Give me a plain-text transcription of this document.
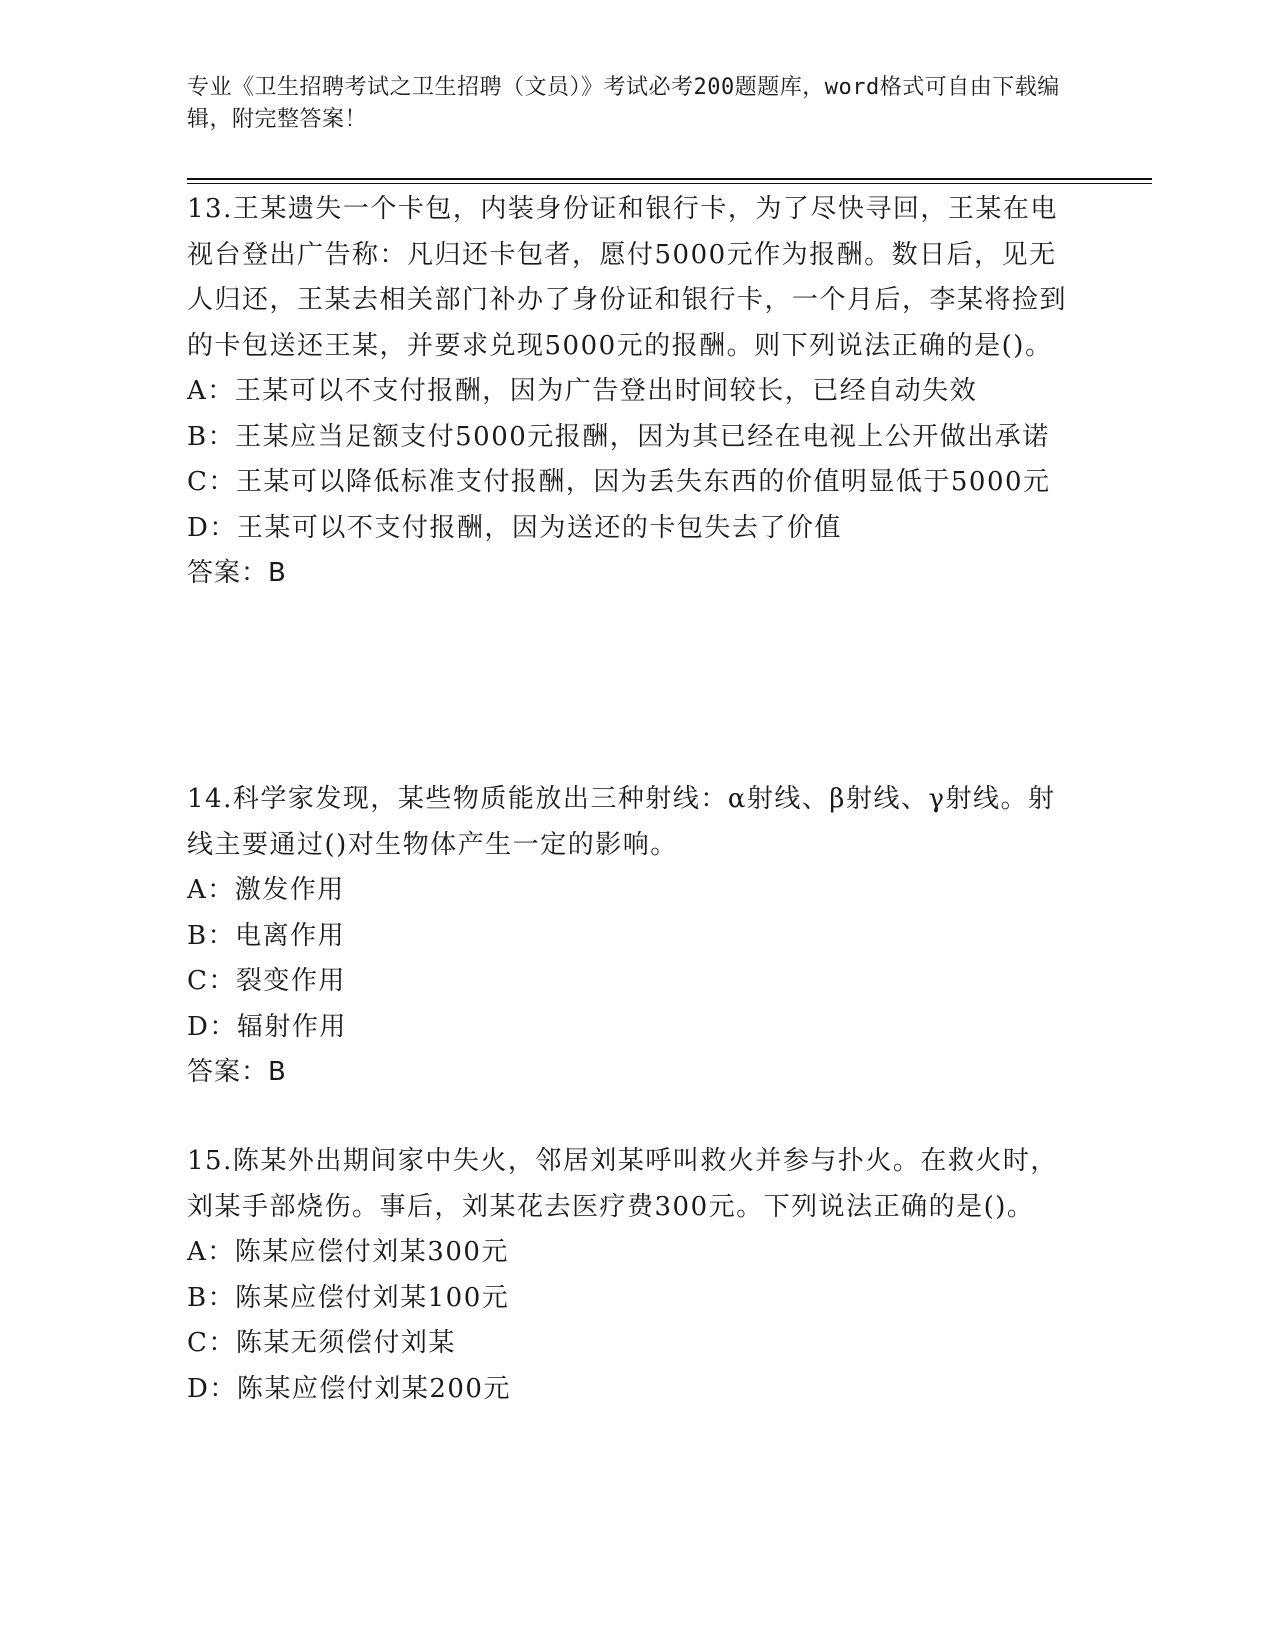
专业《卫生招聘考试之卫生招聘（文员）》考试必考200题题库，word格式可自由下载编辑，附完整答案！

13.王某遗失一个卡包，内装身份证和银行卡，为了尽快寻回，王某在电视台登出广告称：凡归还卡包者，愿付5000元作为报酬。数日后，见无人归还，王某去相关部门补办了身份证和银行卡，一个月后，李某将捡到的卡包送还王某，并要求兑现5000元的报酬。则下列说法正确的是()。

A：王某可以不支付报酬，因为广告登出时间较长，已经自动失效

B：王某应当足额支付5000元报酬，因为其已经在电视上公开做出承诺

C：王某可以降低标准支付报酬，因为丢失东西的价值明显低于5000元

D：王某可以不支付报酬，因为送还的卡包失去了价值

答案：B

14.科学家发现，某些物质能放出三种射线：α射线、β射线、γ射线。射线主要通过()对生物体产生一定的影响。

A：激发作用

B：电离作用

C：裂变作用

D：辐射作用

答案：B

15.陈某外出期间家中失火，邻居刘某呼叫救火并参与扑火。在救火时，刘某手部烧伤。事后，刘某花去医疗费300元。下列说法正确的是()。

A：陈某应偿付刘某300元

B：陈某应偿付刘某100元

C：陈某无须偿付刘某

D：陈某应偿付刘某200元
